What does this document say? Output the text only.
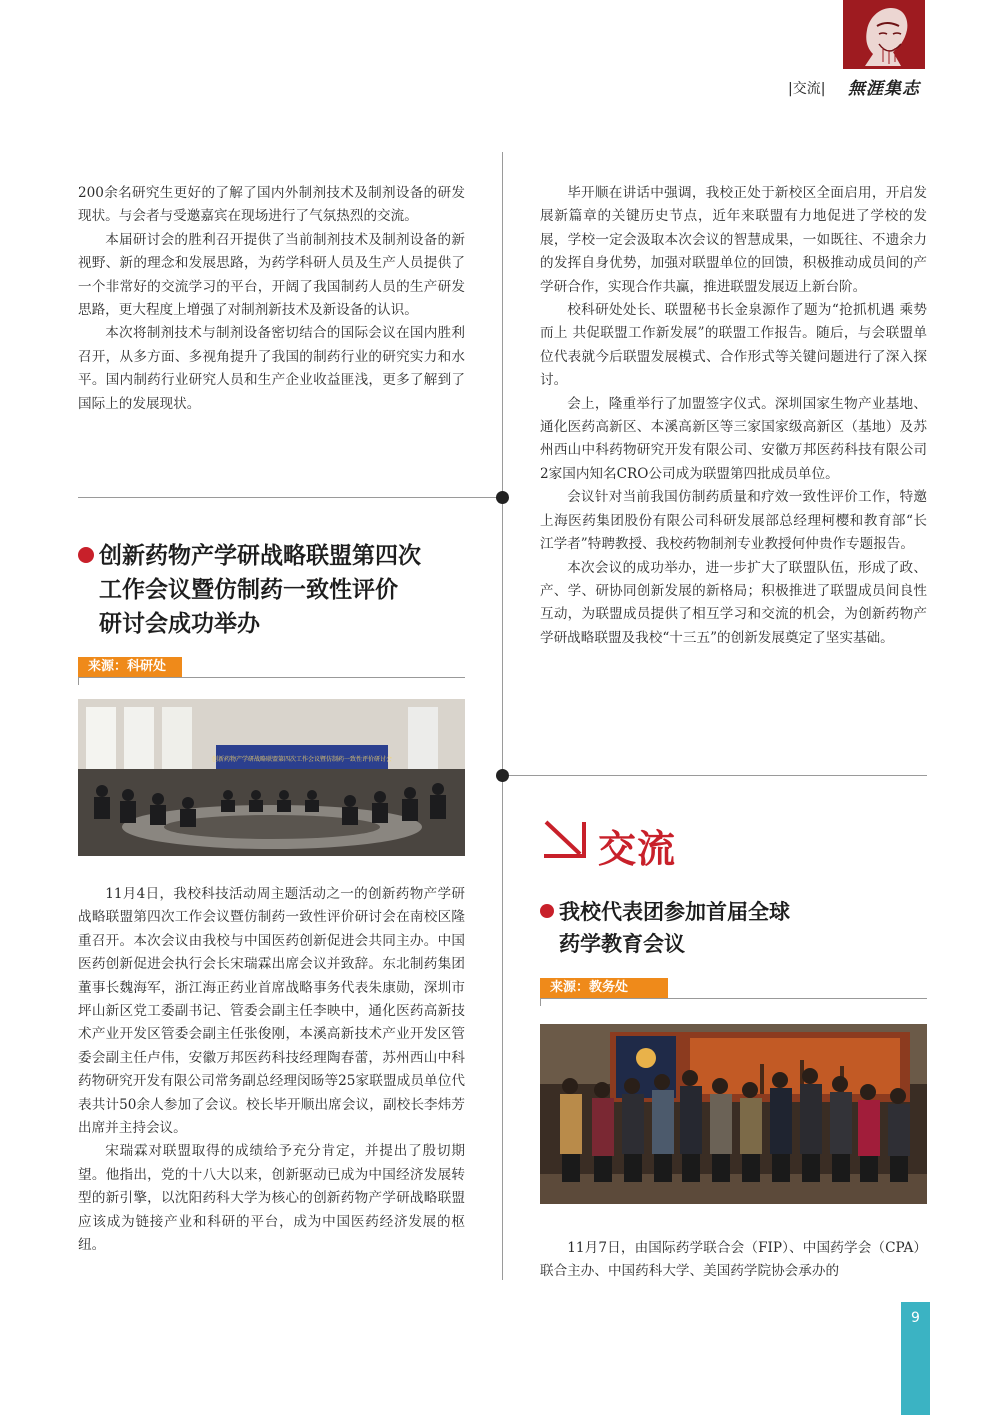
|交流| 無涯集志

200余名研究生更好的了解了国内外制剂技术及制剂设备的研发现状。与会者与受邀嘉宾在现场进行了气氛热烈的交流。

本届研讨会的胜利召开提供了当前制剂技术及制剂设备的新视野、新的理念和发展思路，为药学科研人员及生产人员提供了一个非常好的交流学习的平台，开阔了我国制药人员的生产研发思路，更大程度上增强了对制剂新技术及新设备的认识。

本次将制剂技术与制剂设备密切结合的国际会议在国内胜利召开，从多方面、多视角提升了我国的制药行业的研究实力和水平。国内制药行业研究人员和生产企业收益匪浅，更多了解到了国际上的发展现状。

创新药物产学研战略联盟第四次
工作会议暨仿制药一致性评价
研讨会成功举办
来源：科研处
创新药物产学研战略联盟第四次工作会议暨仿制药一致性评价研讨会

11月4日，我校科技活动周主题活动之一的创新药物产学研战略联盟第四次工作会议暨仿制药一致性评价研讨会在南校区隆重召开。本次会议由我校与中国医药创新促进会共同主办。中国医药创新促进会执行会长宋瑞霖出席会议并致辞。东北制药集团董事长魏海军，浙江海正药业首席战略事务代表朱康勋，深圳市坪山新区党工委副书记、管委会副主任李映中，通化医药高新技术产业开发区管委会副主任张俊刚，本溪高新技术产业开发区管委会副主任卢伟，安徽万邦医药科技经理陶春蕾，苏州西山中科药物研究开发有限公司常务副总经理闵旸等25家联盟成员单位代表共计50余人参加了会议。校长毕开顺出席会议，副校长李炜芳出席并主持会议。

宋瑞霖对联盟取得的成绩给予充分肯定，并提出了殷切期望。他指出，党的十八大以来，创新驱动已成为中国经济发展转型的新引擎，以沈阳药科大学为核心的创新药物产学研战略联盟应该成为链接产业和科研的平台，成为中国医药经济发展的枢纽。

毕开顺在讲话中强调，我校正处于新校区全面启用，开启发展新篇章的关键历史节点，近年来联盟有力地促进了学校的发展，学校一定会汲取本次会议的智慧成果，一如既往、不遗余力的发挥自身优势，加强对联盟单位的回馈，积极推动成员间的产学研合作，实现合作共赢，推进联盟发展迈上新台阶。

校科研处处长、联盟秘书长金泉源作了题为“抢抓机遇 乘势而上 共促联盟工作新发展”的联盟工作报告。随后，与会联盟单位代表就今后联盟发展模式、合作形式等关键问题进行了深入探讨。

会上，隆重举行了加盟签字仪式。深圳国家生物产业基地、通化医药高新区、本溪高新区等三家国家级高新区（基地）及苏州西山中科药物研究开发有限公司、安徽万邦医药科技有限公司2家国内知名CRO公司成为联盟第四批成员单位。

会议针对当前我国仿制药质量和疗效一致性评价工作，特邀上海医药集团股份有限公司科研发展部总经理柯樱和教育部“长江学者”特聘教授、我校药物制剂专业教授何仲贵作专题报告。

本次会议的成功举办，进一步扩大了联盟队伍，形成了政、产、学、研协同创新发展的新格局；积极推进了联盟成员间良性互动，为联盟成员提供了相互学习和交流的机会，为创新药物产学研战略联盟及我校“十三五”的创新发展奠定了坚实基础。

交流
我校代表团参加首届全球
药学教育会议
来源：教务处

11月7日，由国际药学联合会（FIP）、中国药学会（CPA）联合主办、中国药科大学、美国药学院协会承办的

9
